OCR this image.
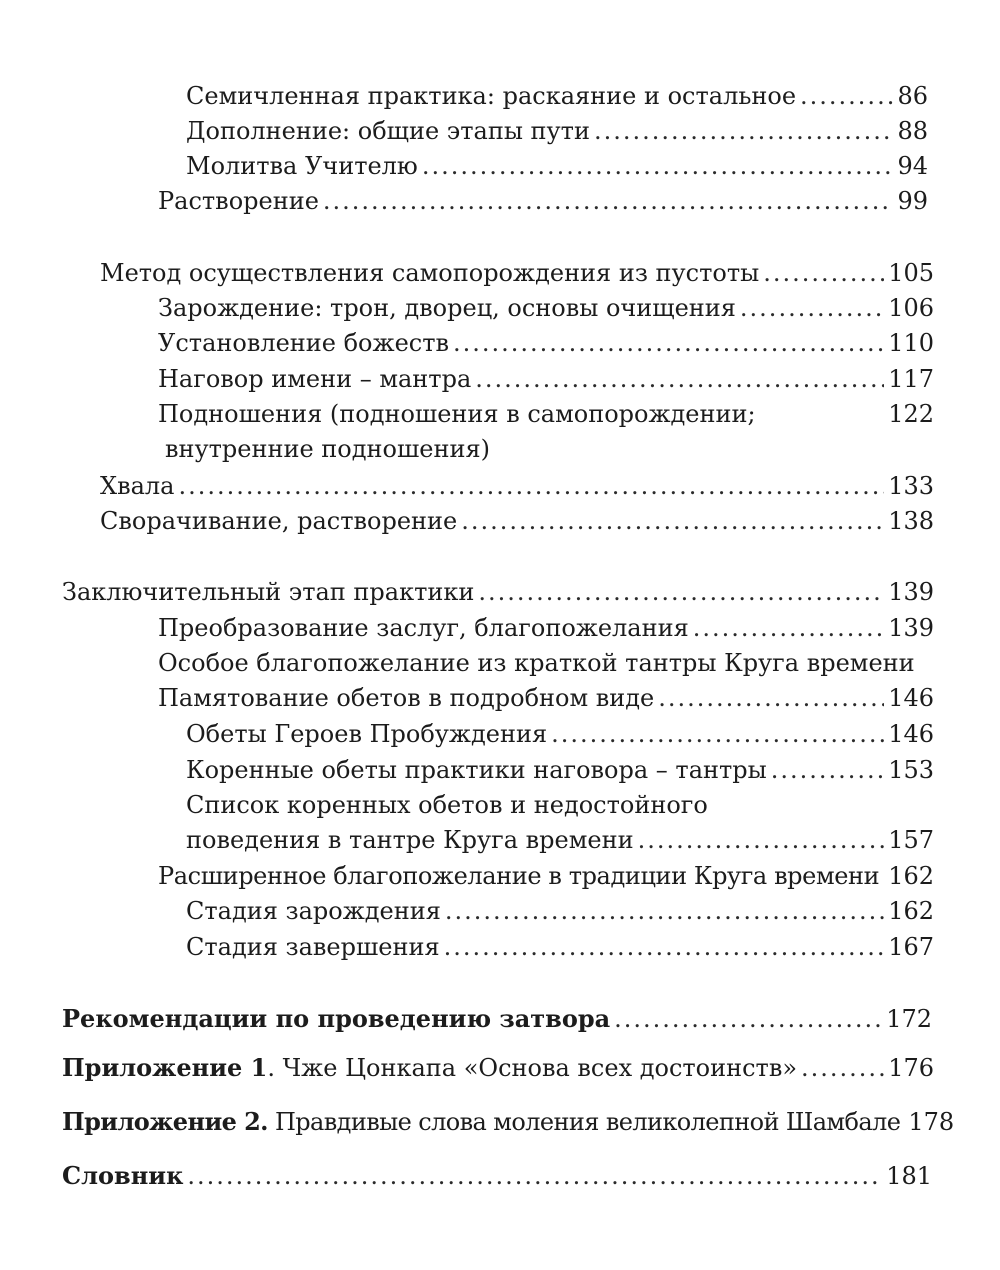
Семичленная практика: раскаяние и остальное .....	86
Дополнение: общие этапы пути .....	88
Молитва Учителю .....	94
Растворение .....	99
Метод осуществления самопорождения из пустоты .....	105
Зарождение: трон, дворец, основы очищения .....	106
Установление божеств .....	110
Наговор имени – мантра .....	117
Подношения (подношения в самопорождении;	122
внутренние подношения)
Хвала .....	133
Сворачивание, растворение .....	138
Заключительный этап практики .....	139
Преобразование заслуг, благопожелания .....	139
Особое благопожелание из краткой тантры Круга времени
Памятование обетов в подробном виде .....	146
Обеты Героев Пробуждения .....	146
Коренные обеты практики наговора – тантры .....	153
Список коренных обетов и недостойного
поведения в тантре Круга времени .....	157
Расширенное благопожелание в традиции Круга времени ..... 162
Стадия зарождения .....	162
Стадия завершения .....	167
Рекомендации по проведению затвора .....	172
Приложение 1. Чже Цонкапа «Основа всех достоинств» .....	176
Приложение 2. Правдивые слова моления великолепной Шамбале 178
Словник .....	181
